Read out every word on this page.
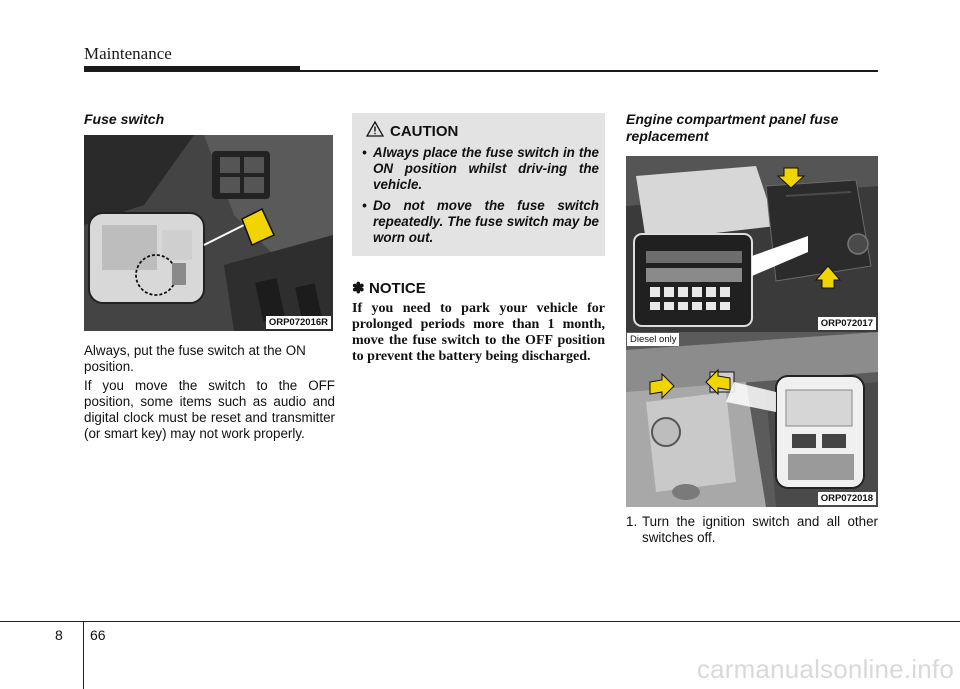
Maintenance
Fuse switch
ORP072016R
Always, put the fuse switch at the ON position.
If you move the switch to the OFF position, some items such as audio and digital clock must be reset and transmitter (or smart key) may not work properly.
CAUTION
• Always place the fuse switch in the ON position whilst driv-ing the vehicle.
• Do not move the fuse switch repeatedly. The fuse switch may be worn out.
✽ NOTICE
If you need to park your vehicle for prolonged periods more than 1 month, move the fuse switch to the OFF position to prevent the battery being discharged.
Engine compartment panel fuse replacement
ORP072017
Diesel only
ORP072018
1. Turn the ignition switch and all other switches off.
8 66
carmanualsonline.info
